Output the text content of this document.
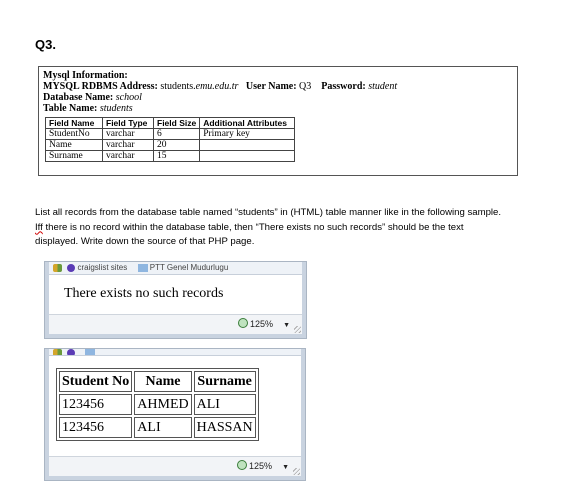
Q3.
Mysql Information:
MYSQL RDBMS Address: students.emu.edu.tr User Name: Q3 Password: student
Database Name: school
Table Name: students
Field Name	Field Type	Field Size	Additional Attributes
StudentNo	varchar	6	Primary key
Name	varchar	20	
Surname	varchar	15	
List all records from the database table named “students” in (HTML) table manner like in the following sample. Iff there is no record within the database table, then “There exists no such records” should be the text displayed. Write down the source of that PHP page.
craigslist sites	PTT Genel Mudurlugu
There exists no such records
125% ▼

Student No	Name	Surname
123456	AHMED	ALI
123456	ALI	HASSAN
125% ▼
